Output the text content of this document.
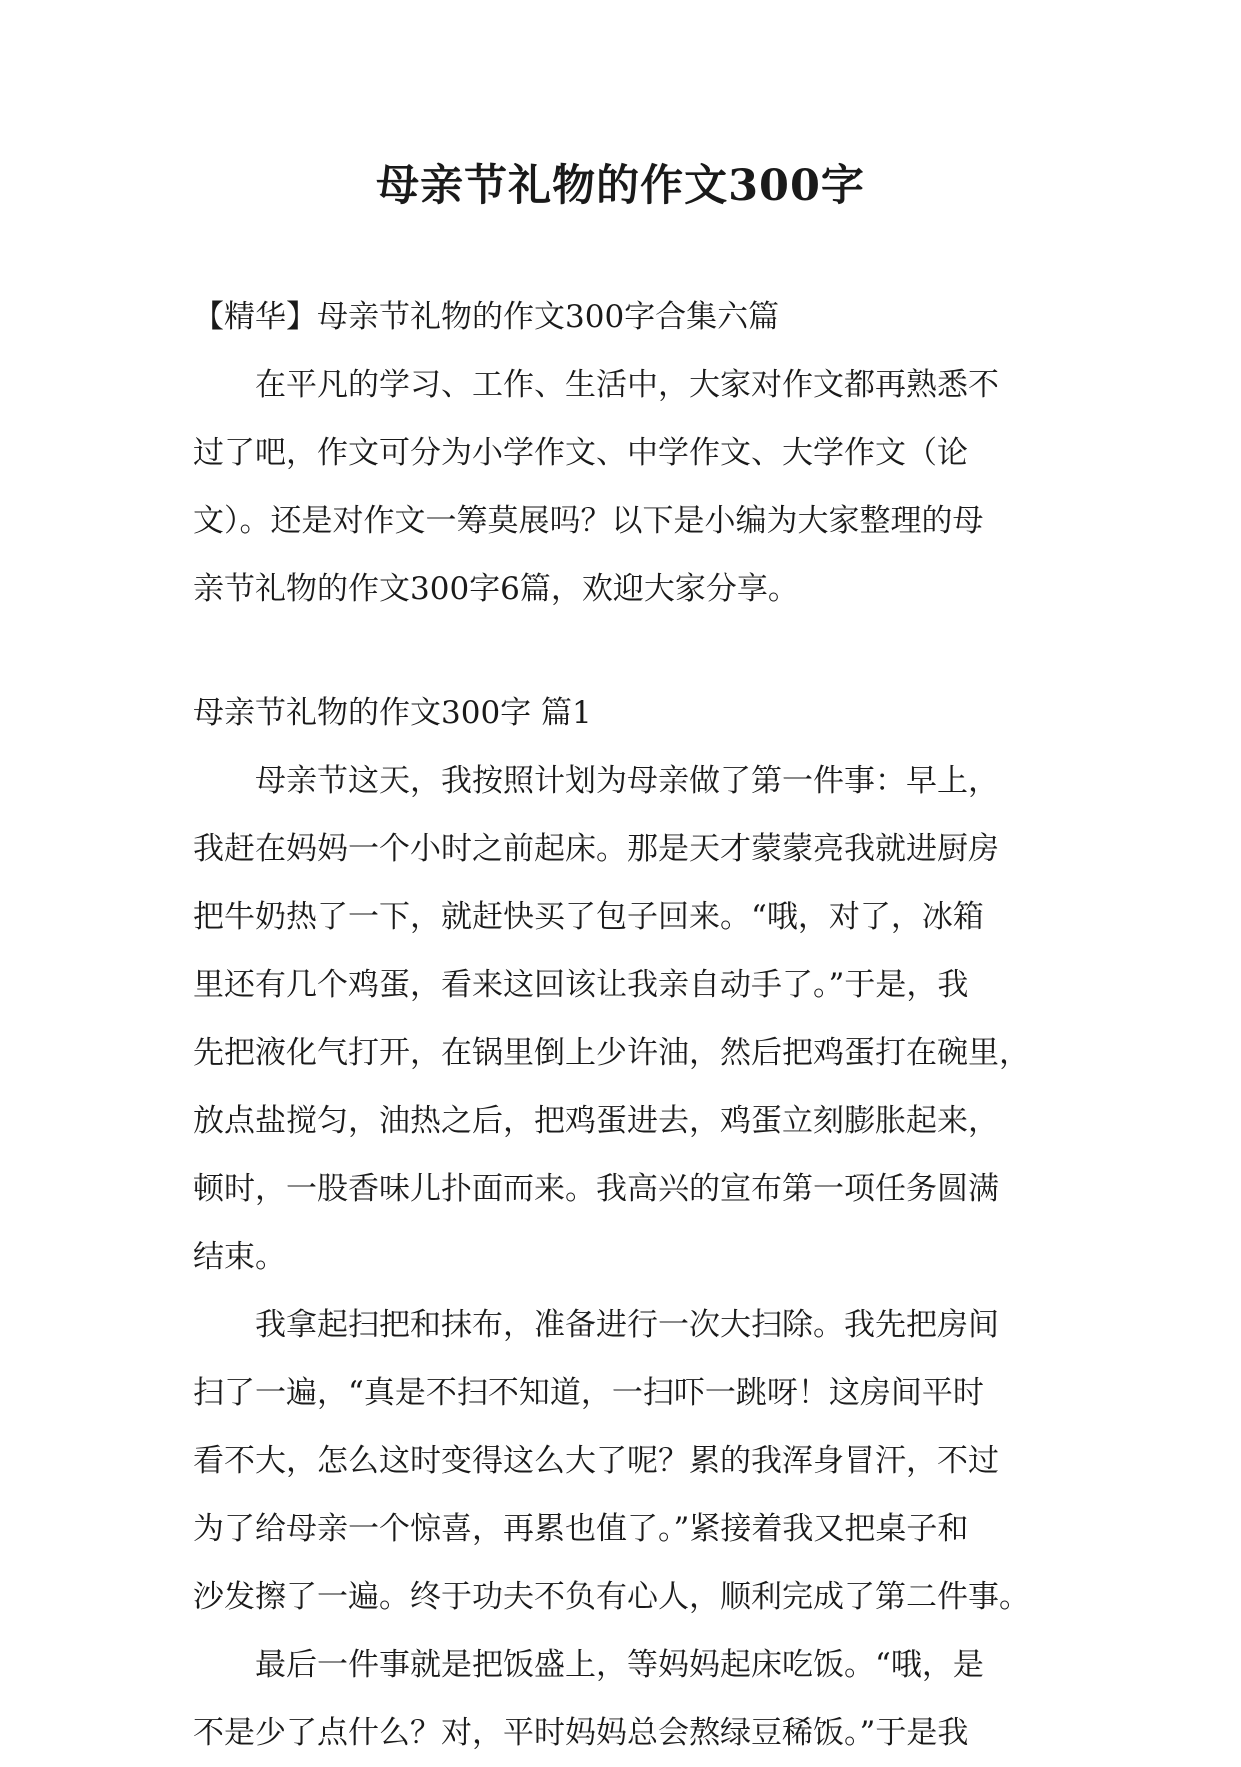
母亲节礼物的作文300字
【精华】母亲节礼物的作文300字合集六篇
在平凡的学习、工作、生活中，大家对作文都再熟悉不
过了吧，作文可分为小学作文、中学作文、大学作文（论
文）。还是对作文一筹莫展吗？以下是小编为大家整理的母
亲节礼物的作文300字6篇，欢迎大家分享。
母亲节礼物的作文300字 篇1
母亲节这天，我按照计划为母亲做了第一件事：早上，
我赶在妈妈一个小时之前起床。那是天才蒙蒙亮我就进厨房
把牛奶热了一下，就赶快买了包子回来。“哦，对了，冰箱
里还有几个鸡蛋，看来这回该让我亲自动手了。”于是，我
先把液化气打开，在锅里倒上少许油，然后把鸡蛋打在碗里，
放点盐搅匀，油热之后，把鸡蛋进去，鸡蛋立刻膨胀起来，
顿时，一股香味儿扑面而来。我高兴的宣布第一项任务圆满
结束。
我拿起扫把和抹布，准备进行一次大扫除。我先把房间
扫了一遍，“真是不扫不知道，一扫吓一跳呀！这房间平时
看不大，怎么这时变得这么大了呢？累的我浑身冒汗，不过
为了给母亲一个惊喜，再累也值了。”紧接着我又把桌子和
沙发擦了一遍。终于功夫不负有心人，顺利完成了第二件事。
最后一件事就是把饭盛上，等妈妈起床吃饭。“哦，是
不是少了点什么？对，平时妈妈总会熬绿豆稀饭。”于是我
